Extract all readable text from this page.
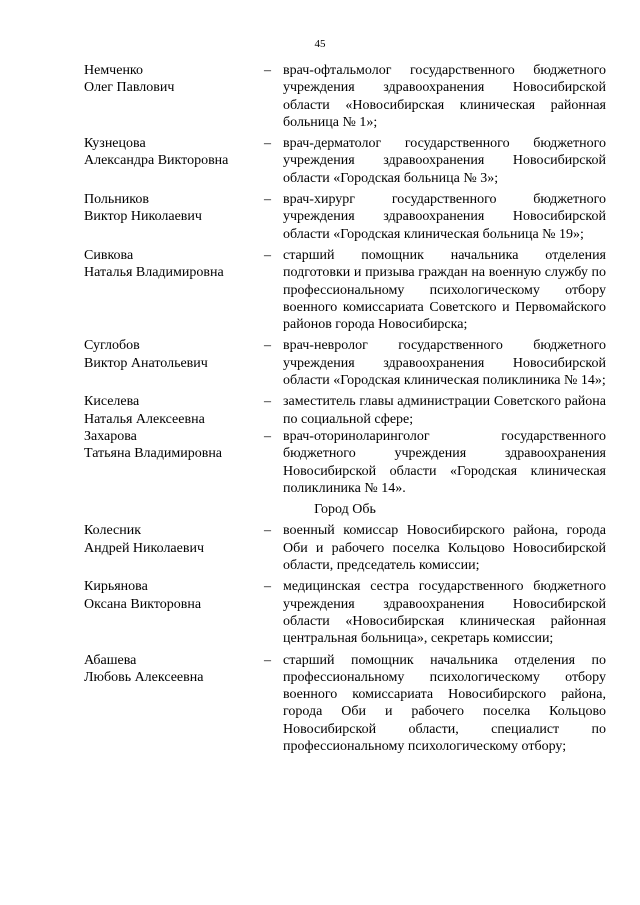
45
Немченко
Олег Павлович
– врач-офтальмолог государственного бюджетного учреждения здравоохранения Новосибирской области «Новосибирская клиническая районная больница № 1»;
Кузнецова
Александра Викторовна
– врач-дерматолог государственного бюджетного учреждения здравоохранения Новосибирской области «Городская больница № 3»;
Польников
Виктор Николаевич
– врач-хирург государственного бюджетного учреждения здравоохранения Новосибирской области «Городская клиническая больница № 19»;
Сивкова
Наталья Владимировна
– старший помощник начальника отделения подготовки и призыва граждан на военную службу по профессиональному психологическому отбору военного комиссариата Советского и Первомайского районов города Новосибирска;
Суглобов
Виктор Анатольевич
– врач-невролог государственного бюджетного учреждения здравоохранения Новосибирской области «Городская клиническая поликлиника № 14»;
Киселева
Наталья Алексеевна
– заместитель главы администрации Советского района по социальной сфере;
Захарова
Татьяна Владимировна
– врач-оториноларинголог государственного бюджетного учреждения здравоохранения Новосибирской области «Городская клиническая поликлиника № 14».
Город Обь
Колесник
Андрей Николаевич
– военный комиссар Новосибирского района, города Оби и рабочего поселка Кольцово Новосибирской области, председатель комиссии;
Кирьянова
Оксана Викторовна
– медицинская сестра государственного бюджетного учреждения здравоохранения Новосибирской области «Новосибирская клиническая районная центральная больница», секретарь комиссии;
Абашева
Любовь Алексеевна
– старший помощник начальника отделения по профессиональному психологическому отбору военного комиссариата Новосибирского района, города Оби и рабочего поселка Кольцово Новосибирской области, специалист по профессиональному психологическому отбору;
